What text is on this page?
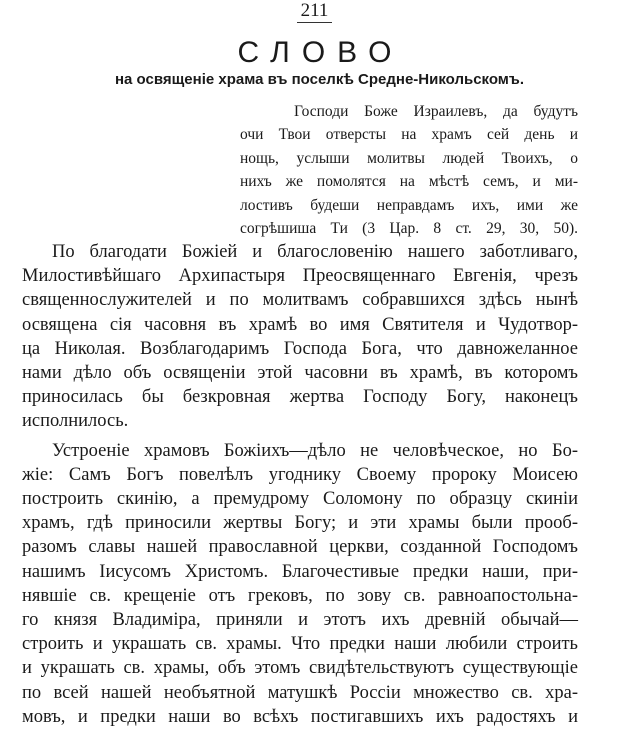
211
СЛОВО
на освященіе храма въ поселкѣ Средне-Никольскомъ.
Господи Боже Израилевъ, да будутъ
очи Твои отверсты на храмъ сей день и
нощь, услыши молитвы людей Твоихъ, о
нихъ же помолятся на мѣстѣ семъ, и ми-
лостивъ будеши неправдамъ ихъ, ими же
согрѣшиша Ти (3 Цар. 8 ст. 29, 30, 50).
По благодати Божіей и благословенію нашего заботливаго,
Милостивѣйшаго Архипастыря Преосвященнаго Евгенія, чрезъ
священнослужителей и по молитвамъ собравшихся здѣсь нынѣ
освящена сія часовня въ храмѣ во имя Святителя и Чудотвор-
ца Николая. Возблагодаримъ Господа Бога, что давножеланное
нами дѣло объ освященіи этой часовни въ храмѣ, въ которомъ
приносилась бы безкровная жертва Господу Богу, наконецъ
исполнилось.
Устроеніе храмовъ Божіихъ—дѣло не человѣческое, но Бо-
жіе: Самъ Богъ повелѣлъ угоднику Своему пророку Моисею
построить скинію, а премудрому Соломону по образцу скиніи
храмъ, гдѣ приносили жертвы Богу; и эти храмы были прооб-
разомъ славы нашей православной церкви, созданной Господомъ
нашимъ Іисусомъ Христомъ. Благочестивые предки наши, при-
нявшіе св. крещеніе отъ грековъ, по зову св. равноапостольна-
го князя Владиміра, приняли и этотъ ихъ древній обычай—
строить и украшать св. храмы. Что предки наши любили строить
и украшать св. храмы, объ этомъ свидѣтельствуютъ существующіе
по всей нашей необъятной матушкѣ Россіи множество св. хра-
мовъ, и предки наши во всѣхъ постигавшихъ ихъ радостяхъ и
